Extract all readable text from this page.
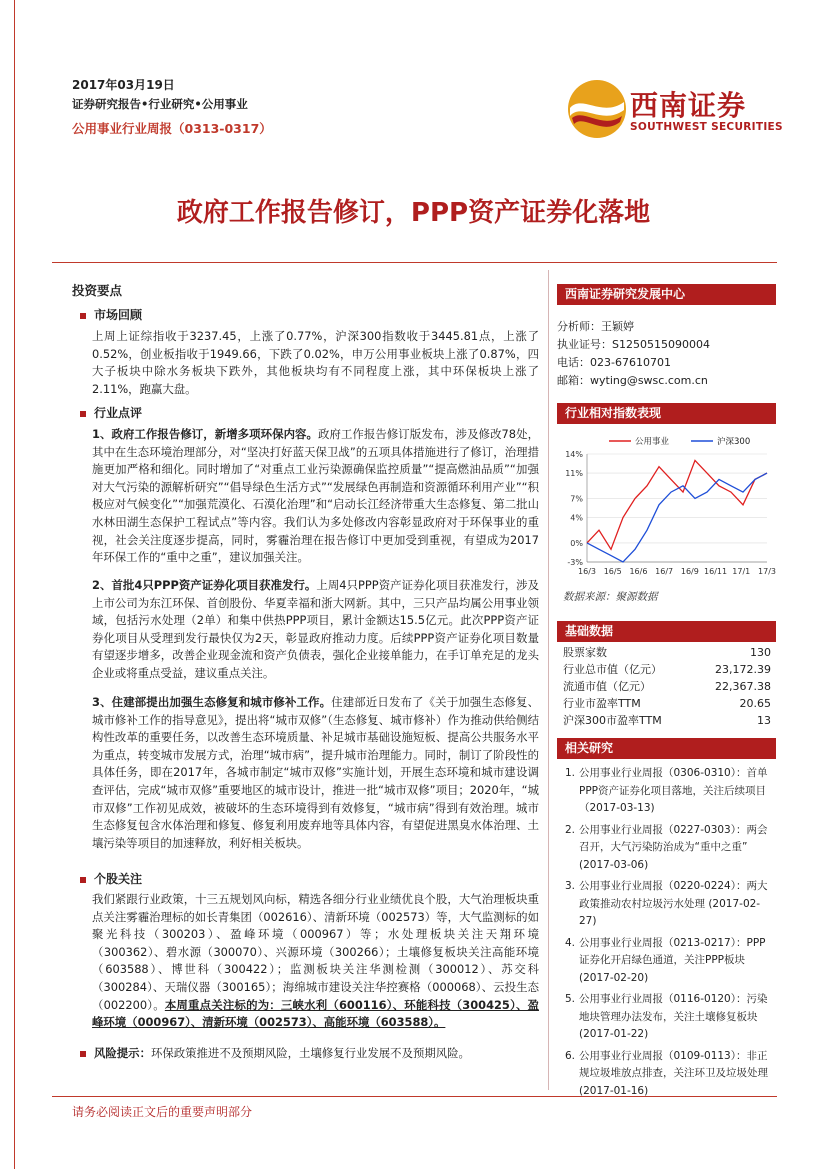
2017年03月19日
证券研究报告•行业研究•公用事业
公用事业行业周报（0313-0317）
西南证券
SOUTHWEST SECURITIES
政府工作报告修订，PPP资产证券化落地
投资要点
市场回顾
上周上证综指收于3237.45，上涨了0.77%，沪深300指数收于3445.81点，上涨了0.52%，创业板指收于1949.66，下跌了0.02%，申万公用事业板块上涨了0.87%，四大子板块中除水务板块下跌外，其他板块均有不同程度上涨，其中环保板块上涨了2.11%，跑赢大盘。
行业点评
1、政府工作报告修订，新增多项环保内容。政府工作报告修订版发布，涉及修改78处，其中在生态环境治理部分，对“坚决打好蓝天保卫战”的五项具体措施进行了修订，治理措施更加严格和细化。同时增加了“对重点工业污染源确保监控质量”“提高燃油品质”“加强对大气污染的源解析研究”“倡导绿色生活方式”“发展绿色再制造和资源循环利用产业”“积极应对气候变化”“加强荒漠化、石漠化治理”和“启动长江经济带重大生态修复、第二批山水林田湖生态保护工程试点”等内容。我们认为多处修改内容彰显政府对于环保事业的重视，社会关注度逐步提高，同时，雾霾治理在报告修订中更加受到重视，有望成为2017年环保工作的“重中之重”，建议加强关注。
2、首批4只PPP资产证券化项目获准发行。上周4只PPP资产证券化项目获准发行，涉及上市公司为东江环保、首创股份、华夏幸福和浙大网新。其中，三只产品均属公用事业领域，包括污水处理（2单）和集中供热PPP项目，累计金额达15.5亿元。此次PPP资产证券化项目从受理到发行最快仅为2天，彰显政府推动力度。后续PPP资产证券化项目数量有望逐步增多，改善企业现金流和资产负债表，强化企业接单能力，在手订单充足的龙头企业或将重点受益，建议重点关注。
3、住建部提出加强生态修复和城市修补工作。住建部近日发布了《关于加强生态修复、城市修补工作的指导意见》，提出将“城市双修”（生态修复、城市修补）作为推动供给侧结构性改革的重要任务，以改善生态环境质量、补足城市基础设施短板、提高公共服务水平为重点，转变城市发展方式，治理“城市病”，提升城市治理能力。同时，制订了阶段性的具体任务，即在2017年，各城市制定“城市双修”实施计划，开展生态环境和城市建设调查评估，完成“城市双修”重要地区的城市设计，推进一批“城市双修”项目；2020年，“城市双修”工作初见成效，被破坏的生态环境得到有效修复，“城市病”得到有效治理。城市生态修复包含水体治理和修复、修复利用废弃地等具体内容，有望促进黑臭水体治理、土壤污染等项目的加速释放，利好相关板块。
个股关注
我们紧跟行业政策，十三五规划风向标，精选各细分行业业绩优良个股，大气治理板块重点关注雾霾治理标的如长青集团（002616）、清新环境（002573）等，大气监测标的如聚光科技（300203）、盈峰环境（000967）等；水处理板块关注天翔环境（300362）、碧水源（300070）、兴源环境（300266）；土壤修复板块关注高能环境（603588）、博世科（300422）；监测板块关注华测检测（300012）、苏交科（300284）、天瑞仪器（300165）；海绵城市建设关注华控赛格（000068）、云投生态（002200）。本周重点关注标的为：三峡水利（600116）、环能科技（300425）、盈峰环境（000967）、清新环境（002573）、高能环境（603588）。
风险提示：环保政策推进不及预期风险，土壤修复行业发展不及预期风险。
西南证券研究发展中心
分析师：王颖婷
执业证号：S1250515090004
电话：023-67610701
邮箱：wyting@swsc.com.cn
行业相对指数表现
14%
11%
7%
4%
0%
-3%
16/3 16/5 16/6 16/7 16/9 16/11 17/1 17/3
公用事业	沪深300
数据来源：聚源数据
基础数据
股票家数	130
行业总市值（亿元）	23,172.39
流通市值（亿元）	22,367.38
行业市盈率TTM	20.65
沪深300市盈率TTM	13
相关研究
1. 公用事业行业周报（0306-0310）：首单PPP资产证券化项目落地，关注后续项目 （2017-03-13)
2. 公用事业行业周报（0227-0303）：两会召开，大气污染防治成为“重中之重” (2017-03-06)
3. 公用事业行业周报（0220-0224）：两大政策推动农村垃圾污水处理 (2017-02-27)
4. 公用事业行业周报（0213-0217）：PPP证券化开启绿色通道，关注PPP板块 (2017-02-20)
5. 公用事业行业周报（0116-0120）：污染地块管理办法发布，关注土壤修复板块 (2017-01-22)
6. 公用事业行业周报（0109-0113）：非正规垃圾堆放点排查，关注环卫及垃圾处理 (2017-01-16)
请务必阅读正文后的重要声明部分
